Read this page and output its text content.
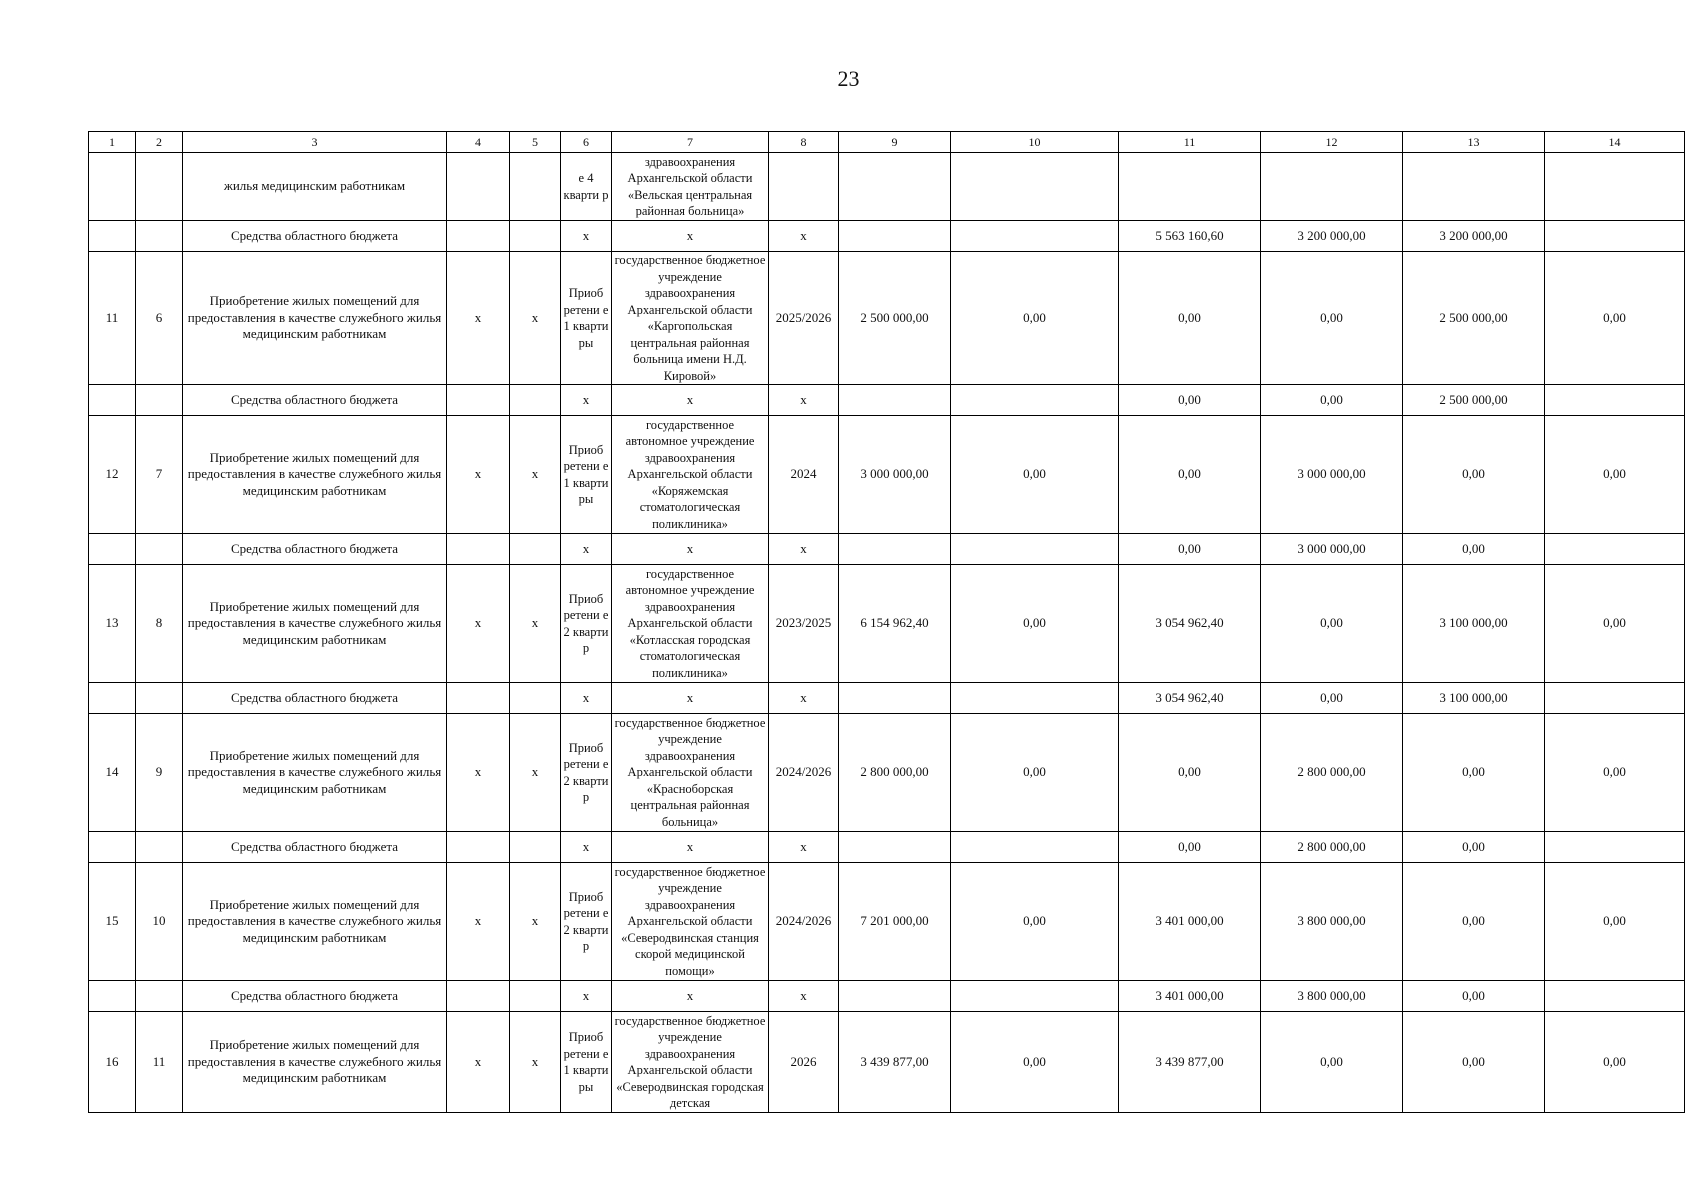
23
1	2	3	4	5	6	7	8	9	10	11	12	13	14
		жилья медицинским работникам			е 4 кварти р	здравоохранения Архангельской области «Вельская центральная районная больница»							
		Средства областного бюджета			x	x	x			5 563 160,60	3 200 000,00	3 200 000,00	
11	6	Приобретение жилых помещений для предоставления в качестве служебного жилья медицинским работникам	x	x	Приоб ретени е 1 кварти ры	государственное бюджетное учреждение здравоохранения Архангельской области «Каргопольская центральная районная больница имени Н.Д. Кировой»	2025/2026	2 500 000,00	0,00	0,00	0,00	2 500 000,00	0,00
		Средства областного бюджета			x	x	x			0,00	0,00	2 500 000,00	
12	7	Приобретение жилых помещений для предоставления в качестве служебного жилья медицинским работникам	x	x	Приоб ретени е 1 кварти ры	государственное автономное учреждение здравоохранения Архангельской области «Коряжемская стоматологическая поликлиника»	2024	3 000 000,00	0,00	0,00	3 000 000,00	0,00	0,00
		Средства областного бюджета			x	x	x			0,00	3 000 000,00	0,00	
13	8	Приобретение жилых помещений для предоставления в качестве служебного жилья медицинским работникам	x	x	Приоб ретени е 2 кварти р	государственное автономное учреждение здравоохранения Архангельской области «Котласская городская стоматологическая поликлиника»	2023/2025	6 154 962,40	0,00	3 054 962,40	0,00	3 100 000,00	0,00
		Средства областного бюджета			x	x	x			3 054 962,40	0,00	3 100 000,00	
14	9	Приобретение жилых помещений для предоставления в качестве служебного жилья медицинским работникам	x	x	Приоб ретени е 2 кварти р	государственное бюджетное учреждение здравоохранения Архангельской области «Красноборская центральная районная больница»	2024/2026	2 800 000,00	0,00	0,00	2 800 000,00	0,00	0,00
		Средства областного бюджета			x	x	x			0,00	2 800 000,00	0,00	
15	10	Приобретение жилых помещений для предоставления в качестве служебного жилья медицинским работникам	x	x	Приоб ретени е 2 кварти р	государственное бюджетное учреждение здравоохранения Архангельской области «Северодвинская станция скорой медицинской помощи»	2024/2026	7 201 000,00	0,00	3 401 000,00	3 800 000,00	0,00	0,00
		Средства областного бюджета			x	x	x			3 401 000,00	3 800 000,00	0,00	
16	11	Приобретение жилых помещений для предоставления в качестве служебного жилья медицинским работникам	x	x	Приоб ретени е 1 кварти ры	государственное бюджетное учреждение здравоохранения Архангельской области «Северодвинская городская детская	2026	3 439 877,00	0,00	3 439 877,00	0,00	0,00	0,00
